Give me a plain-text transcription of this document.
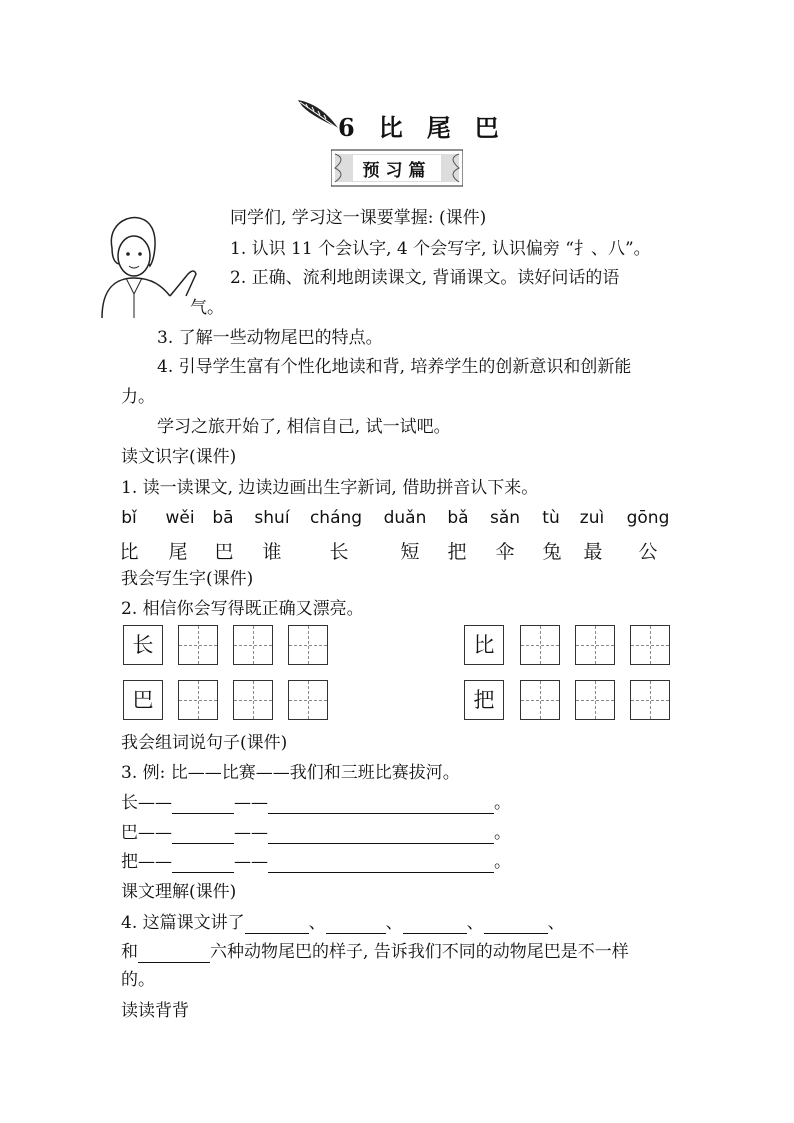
6 比 尾 巴
预习篇
同学们, 学习这一课要掌握: (课件)
1. 认识 11 个会认字, 4 个会写字, 认识偏旁 “扌、八”。
2. 正确、流利地朗读课文, 背诵课文。读好问话的语
气。
3. 了解一些动物尾巴的特点。
4. 引导学生富有个性化地读和背, 培养学生的创新意识和创新能
力。
学习之旅开始了, 相信自己, 试一试吧。
读文识字(课件)
1. 读一读课文, 边读边画出生字新词, 借助拼音认下来。
bǐ wěi bā shuí cháng duǎn bǎ sǎn tù zuì gōng
比 尾 巴 谁	长	短 把 伞 兔 最 公
我会写生字(课件)
2. 相信你会写得既正确又漂亮。
长	比
巴	把
我会组词说句子(课件)
3. 例: 比——比赛——我们和三班比赛拔河。
长——	——	。
巴——	——	。
把——	——	。
课文理解(课件)
4. 这篇课文讲了	、	、	、	、
和	六种动物尾巴的样子, 告诉我们不同的动物尾巴是不一样
的。
读读背背
